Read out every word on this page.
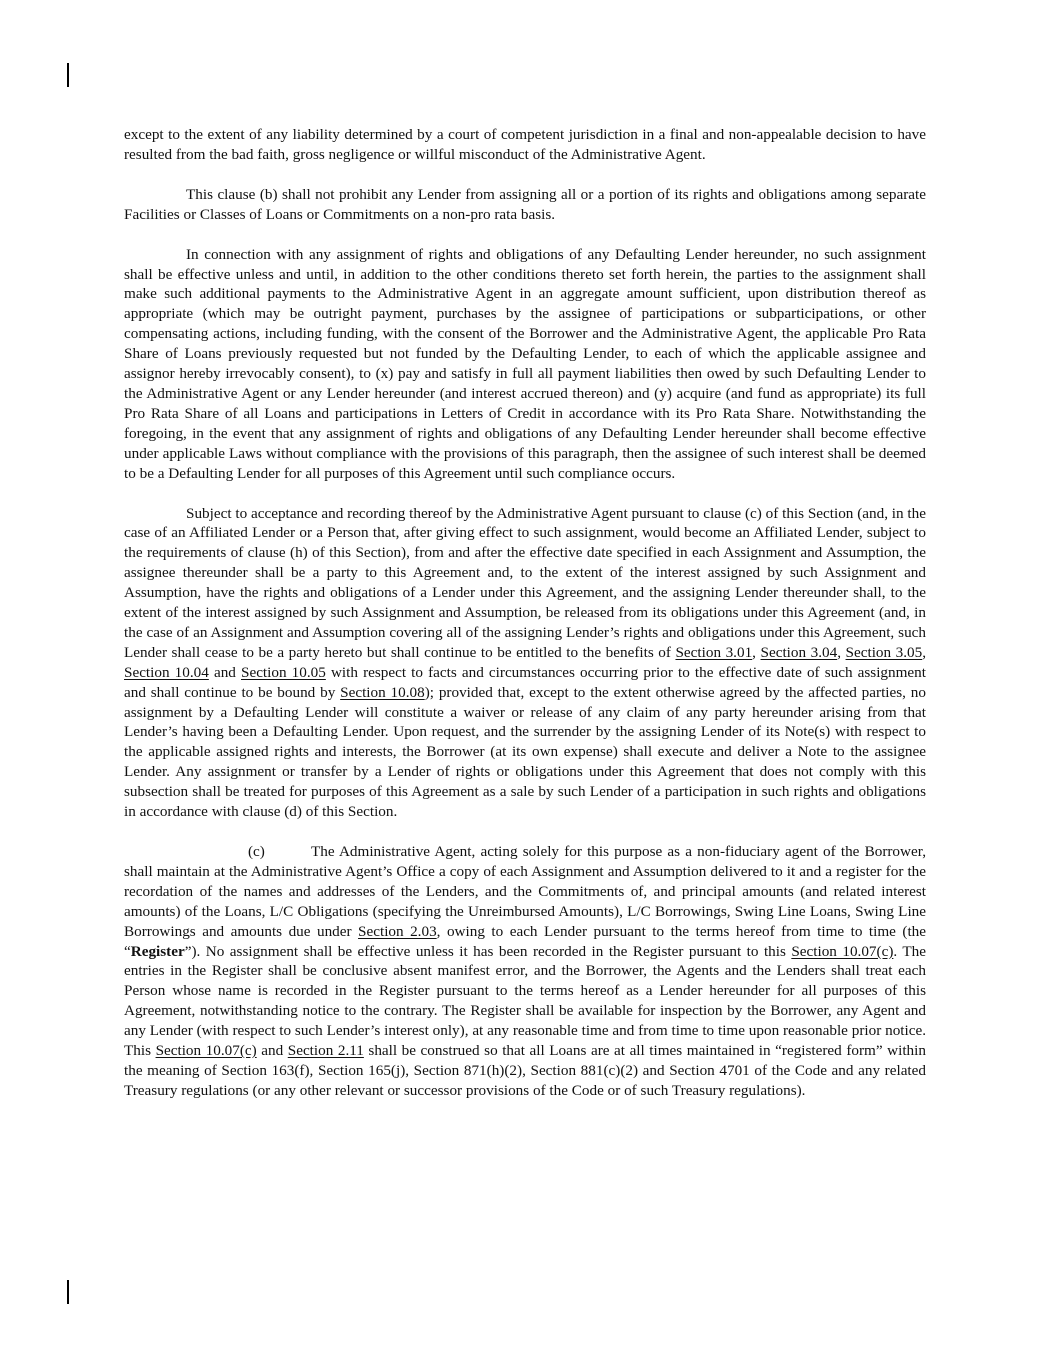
except to the extent of any liability determined by a court of competent jurisdiction in a final and non-appealable decision to have resulted from the bad faith, gross negligence or willful misconduct of the Administrative Agent.

This clause (b) shall not prohibit any Lender from assigning all or a portion of its rights and obligations among separate Facilities or Classes of Loans or Commitments on a non-pro rata basis.

In connection with any assignment of rights and obligations of any Defaulting Lender hereunder, no such assignment shall be effective unless and until, in addition to the other conditions thereto set forth herein, the parties to the assignment shall make such additional payments to the Administrative Agent in an aggregate amount sufficient, upon distribution thereof as appropriate (which may be outright payment, purchases by the assignee of participations or subparticipations, or other compensating actions, including funding, with the consent of the Borrower and the Administrative Agent, the applicable Pro Rata Share of Loans previously requested but not funded by the Defaulting Lender, to each of which the applicable assignee and assignor hereby irrevocably consent), to (x) pay and satisfy in full all payment liabilities then owed by such Defaulting Lender to the Administrative Agent or any Lender hereunder (and interest accrued thereon) and (y) acquire (and fund as appropriate) its full Pro Rata Share of all Loans and participations in Letters of Credit in accordance with its Pro Rata Share. Notwithstanding the foregoing, in the event that any assignment of rights and obligations of any Defaulting Lender hereunder shall become effective under applicable Laws without compliance with the provisions of this paragraph, then the assignee of such interest shall be deemed to be a Defaulting Lender for all purposes of this Agreement until such compliance occurs.

Subject to acceptance and recording thereof by the Administrative Agent pursuant to clause (c) of this Section (and, in the case of an Affiliated Lender or a Person that, after giving effect to such assignment, would become an Affiliated Lender, subject to the requirements of clause (h) of this Section), from and after the effective date specified in each Assignment and Assumption, the assignee thereunder shall be a party to this Agreement and, to the extent of the interest assigned by such Assignment and Assumption, have the rights and obligations of a Lender under this Agreement, and the assigning Lender thereunder shall, to the extent of the interest assigned by such Assignment and Assumption, be released from its obligations under this Agreement (and, in the case of an Assignment and Assumption covering all of the assigning Lender’s rights and obligations under this Agreement, such Lender shall cease to be a party hereto but shall continue to be entitled to the benefits of Section 3.01, Section 3.04, Section 3.05, Section 10.04 and Section 10.05 with respect to facts and circumstances occurring prior to the effective date of such assignment and shall continue to be bound by Section 10.08); provided that, except to the extent otherwise agreed by the affected parties, no assignment by a Defaulting Lender will constitute a waiver or release of any claim of any party hereunder arising from that Lender’s having been a Defaulting Lender. Upon request, and the surrender by the assigning Lender of its Note(s) with respect to the applicable assigned rights and interests, the Borrower (at its own expense) shall execute and deliver a Note to the assignee Lender. Any assignment or transfer by a Lender of rights or obligations under this Agreement that does not comply with this subsection shall be treated for purposes of this Agreement as a sale by such Lender of a participation in such rights and obligations in accordance with clause (d) of this Section.

(c)	The Administrative Agent, acting solely for this purpose as a non-fiduciary agent of the Borrower, shall maintain at the Administrative Agent’s Office a copy of each Assignment and Assumption delivered to it and a register for the recordation of the names and addresses of the Lenders, and the Commitments of, and principal amounts (and related interest amounts) of the Loans, L/C Obligations (specifying the Unreimbursed Amounts), L/C Borrowings, Swing Line Loans, Swing Line Borrowings and amounts due under Section 2.03, owing to each Lender pursuant to the terms hereof from time to time (the “Register”). No assignment shall be effective unless it has been recorded in the Register pursuant to this Section 10.07(c). The entries in the Register shall be conclusive absent manifest error, and the Borrower, the Agents and the Lenders shall treat each Person whose name is recorded in the Register pursuant to the terms hereof as a Lender hereunder for all purposes of this Agreement, notwithstanding notice to the contrary. The Register shall be available for inspection by the Borrower, any Agent and any Lender (with respect to such Lender’s interest only), at any reasonable time and from time to time upon reasonable prior notice. This Section 10.07(c) and Section 2.11 shall be construed so that all Loans are at all times maintained in “registered form” within the meaning of Section 163(f), Section 165(j), Section 871(h)(2), Section 881(c)(2) and Section 4701 of the Code and any related Treasury regulations (or any other relevant or successor provisions of the Code or of such Treasury regulations).
